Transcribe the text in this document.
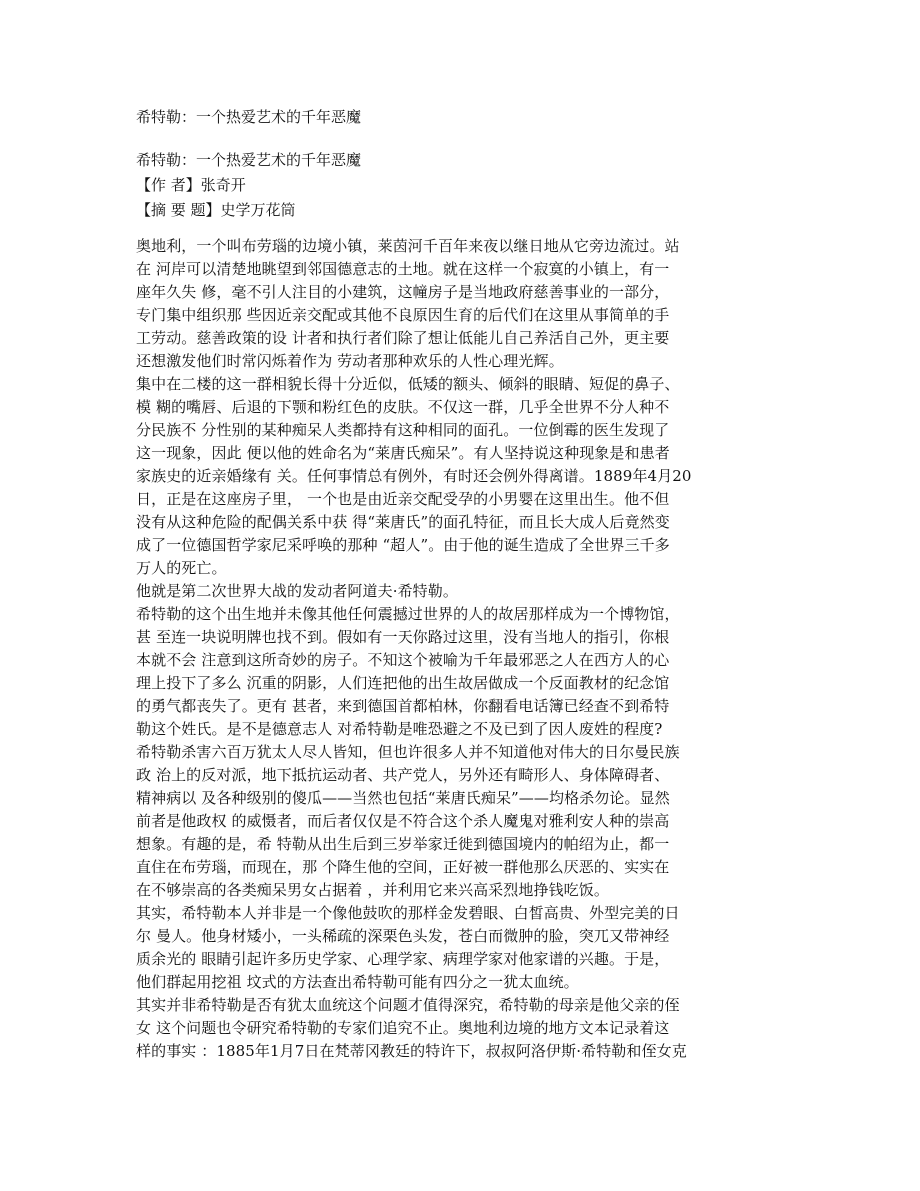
希特勒：一个热爱艺术的千年恶魔
希特勒：一个热爱艺术的千年恶魔
【作 者】张奇开
【摘 要 题】史学万花筒
奥地利，一个叫布劳瑙的边境小镇，莱茵河千百年来夜以继日地从它旁边流过。站
在 河岸可以清楚地眺望到邻国德意志的土地。就在这样一个寂寞的小镇上，有一
座年久失 修，毫不引人注目的小建筑，这幢房子是当地政府慈善事业的一部分，
专门集中组织那 些因近亲交配或其他不良原因生育的后代们在这里从事简单的手
工劳动。慈善政策的设 计者和执行者们除了想让低能儿自己养活自己外，更主要
还想激发他们时常闪烁着作为 劳动者那种欢乐的人性心理光辉。
集中在二楼的这一群相貌长得十分近似，低矮的额头、倾斜的眼睛、短促的鼻子、
模 糊的嘴唇、后退的下颚和粉红色的皮肤。不仅这一群，几乎全世界不分人种不
分民族不 分性别的某种痴呆人类都持有这种相同的面孔。一位倒霉的医生发现了
这一现象，因此 便以他的姓命名为“莱唐氏痴呆”。有人坚持说这种现象是和患者
家族史的近亲婚缘有 关。任何事情总有例外，有时还会例外得离谱。1889年4月20
日，正是在这座房子里， 一个也是由近亲交配受孕的小男婴在这里出生。他不但
没有从这种危险的配偶关系中获 得“莱唐氏”的面孔特征，而且长大成人后竟然变
成了一位德国哲学家尼采呼唤的那种 “超人”。由于他的诞生造成了全世界三千多
万人的死亡。
他就是第二次世界大战的发动者阿道夫·希特勒。
希特勒的这个出生地并未像其他任何震撼过世界的人的故居那样成为一个博物馆，
甚 至连一块说明牌也找不到。假如有一天你路过这里，没有当地人的指引，你根
本就不会 注意到这所奇妙的房子。不知这个被喻为千年最邪恶之人在西方人的心
理上投下了多么 沉重的阴影，人们连把他的出生故居做成一个反面教材的纪念馆
的勇气都丧失了。更有 甚者，来到德国首都柏林，你翻看电话簿已经查不到希特
勒这个姓氏。是不是德意志人 对希特勒是唯恐避之不及已到了因人废姓的程度?
希特勒杀害六百万犹太人尽人皆知，但也许很多人并不知道他对伟大的日尔曼民族
政 治上的反对派，地下抵抗运动者、共产党人，另外还有畸形人、身体障碍者、
精神病以 及各种级别的傻瓜——当然也包括“莱唐氏痴呆”——均格杀勿论。显然
前者是他政权 的威慑者，而后者仅仅是不符合这个杀人魔鬼对雅利安人种的崇高
想象。有趣的是，希 特勒从出生后到三岁举家迁徙到德国境内的帕绍为止，都一
直住在布劳瑙，而现在，那 个降生他的空间，正好被一群他那么厌恶的、实实在
在不够崇高的各类痴呆男女占据着 ，并利用它来兴高采烈地挣钱吃饭。
其实，希特勒本人并非是一个像他鼓吹的那样金发碧眼、白皙高贵、外型完美的日
尔 曼人。他身材矮小，一头稀疏的深栗色头发，苍白而微肿的脸，突兀又带神经
质余光的 眼睛引起许多历史学家、心理学家、病理学家对他家谱的兴趣。于是，
他们群起用挖祖 坟式的方法查出希特勒可能有四分之一犹太血统。
其实并非希特勒是否有犹太血统这个问题才值得深究，希特勒的母亲是他父亲的侄
女 这个问题也令研究希特勒的专家们追究不止。奥地利边境的地方文本记录着这
样的事实 ：1885年1月7日在梵蒂冈教廷的特许下，叔叔阿洛伊斯·希特勒和侄女克
